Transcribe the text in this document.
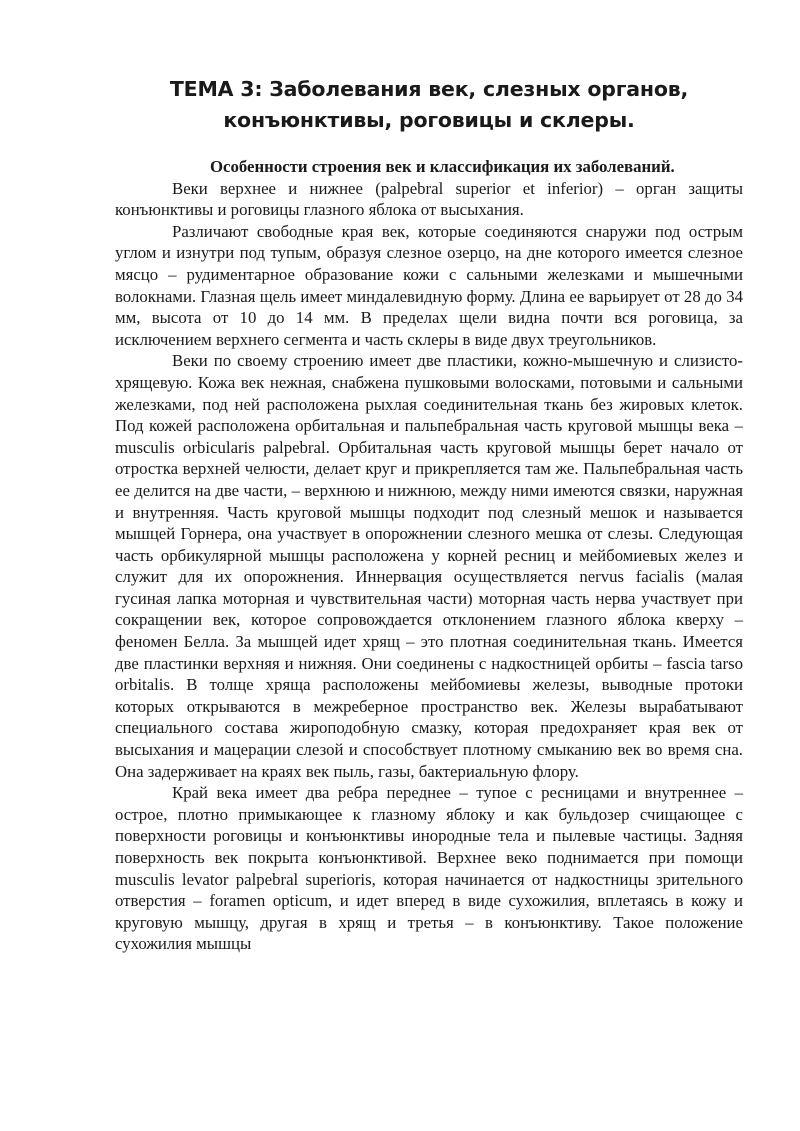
ТЕМА 3: Заболевания век, слезных органов, конъюнктивы, роговицы и склеры.
Особенности строения век и классификация их заболеваний.

Веки верхнее и нижнее (palpebral superior et inferior) – орган защиты конъюнктивы и роговицы глазного яблока от высыхания.

Различают свободные края век, которые соединяются снаружи под острым углом и изнутри под тупым, образуя слезное озерцо, на дне которого имеется слезное мясцо – рудиментарное образование кожи с сальными железками и мышечными волокнами. Глазная щель имеет миндалевидную форму. Длина ее варьирует от 28 до 34 мм, высота от 10 до 14 мм. В пределах щели видна почти вся роговица, за исключением верхнего сегмента и часть склеры в виде двух треугольников.

Веки по своему строению имеет две пластики, кожно-мышечную и слизисто-хрящевую. Кожа век нежная, снабжена пушковыми волосками, потовыми и сальными железками, под ней расположена рыхлая соединительная ткань без жировых клеток. Под кожей расположена орбитальная и пальпебральная часть круговой мышцы века – musculis orbicularis palpebral. Орбитальная часть круговой мышцы берет начало от отростка верхней челюсти, делает круг и прикрепляется там же. Пальпебральная часть ее делится на две части, – верхнюю и нижнюю, между ними имеются связки, наружная и внутренняя. Часть круговой мышцы подходит под слезный мешок и называется мышцей Горнера, она участвует в опорожнении слезного мешка от слезы. Следующая часть орбикулярной мышцы расположена у корней ресниц и мейбомиевых желез и служит для их опорожнения. Иннервация осуществляется nervus facialis (малая гусиная лапка моторная и чувствительная части) моторная часть нерва участвует при сокращении век, которое сопровождается отклонением глазного яблока кверху – феномен Белла. За мышцей идет хрящ – это плотная соединительная ткань. Имеется две пластинки верхняя и нижняя. Они соединены с надкостницей орбиты – fascia tarso orbitalis. В толще хряща расположены мейбомиевы железы, выводные протоки которых открываются в межреберное пространство век. Железы вырабатывают специального состава жироподобную смазку, которая предохраняет края век от высыхания и мацерации слезой и способствует плотному смыканию век во время сна. Она задерживает на краях век пыль, газы, бактериальную флору.

Край века имеет два ребра переднее – тупое с ресницами и внутреннее – острое, плотно примыкающее к глазному яблоку и как бульдозер счищающее с поверхности роговицы и конъюнктивы инородные тела и пылевые частицы. Задняя поверхность век покрыта конъюнктивой. Верхнее веко поднимается при помощи musculis levator palpebral superioris, которая начинается от надкостницы зрительного отверстия – foramen opticum, и идет вперед в виде сухожилия, вплетаясь в кожу и круговую мышцу, другая в хрящ и третья – в конъюнктиву. Такое положение сухожилия мышцы
